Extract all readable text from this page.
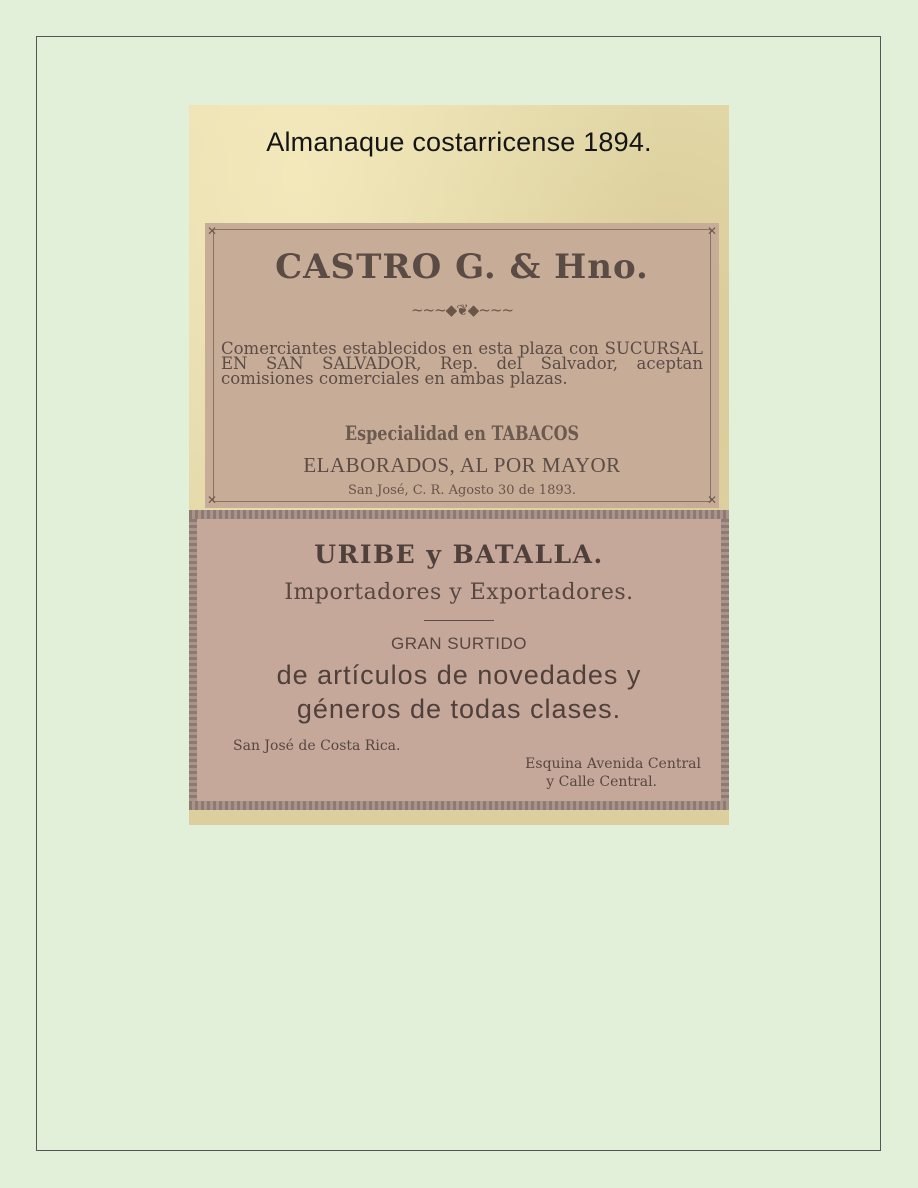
Almanaque costarricense 1894.
✕	✕
✕	✕
CASTRO G. & Hno.
~~~◆❦◆~~~
Comerciantes establecidos en esta plaza con SUCURSAL EN SAN SALVADOR, Rep. del Salvador, aceptan comisiones comerciales en ambas plazas.
Especialidad en TABACOS
ELABORADOS, AL POR MAYOR
San José, C. R. Agosto 30 de 1893.
URIBE y BATALLA.
Importadores y Exportadores.
GRAN SURTIDO
de artículos de novedades y
géneros de todas clases.
San José de Costa Rica.
Esquina Avenida Central
y Calle Central.
